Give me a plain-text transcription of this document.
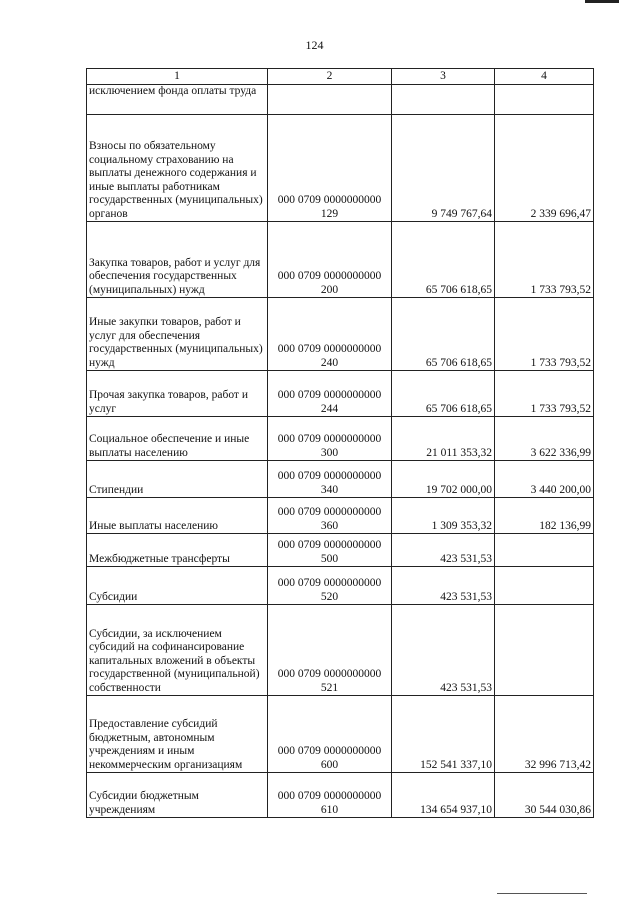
124
1	2	3	4
исключением фонда оплаты труда			
Взносы по обязательному социальному страхованию на выплаты денежного содержания и иные выплаты работникам государственных (муниципальных) органов	000 0709 0000000000 129	9 749 767,64	2 339 696,47
Закупка товаров, работ и услуг для обеспечения государственных (муниципальных) нужд	000 0709 0000000000 200	65 706 618,65	1 733 793,52
Иные закупки товаров, работ и услуг для обеспечения государственных (муниципальных) нужд	000 0709 0000000000 240	65 706 618,65	1 733 793,52
Прочая закупка товаров, работ и услуг	000 0709 0000000000 244	65 706 618,65	1 733 793,52
Социальное обеспечение и иные выплаты населению	000 0709 0000000000 300	21 011 353,32	3 622 336,99
Стипендии	000 0709 0000000000 340	19 702 000,00	3 440 200,00
Иные выплаты населению	000 0709 0000000000 360	1 309 353,32	182 136,99
Межбюджетные трансферты	000 0709 0000000000 500	423 531,53	
Субсидии	000 0709 0000000000 520	423 531,53	
Субсидии, за исключением субсидий на софинансирование капитальных вложений в объекты государственной (муниципальной) собственности	000 0709 0000000000 521	423 531,53	
Предоставление субсидий бюджетным, автономным учреждениям и иным некоммерческим организациям	000 0709 0000000000 600	152 541 337,10	32 996 713,42
Субсидии бюджетным учреждениям	000 0709 0000000000 610	134 654 937,10	30 544 030,86
